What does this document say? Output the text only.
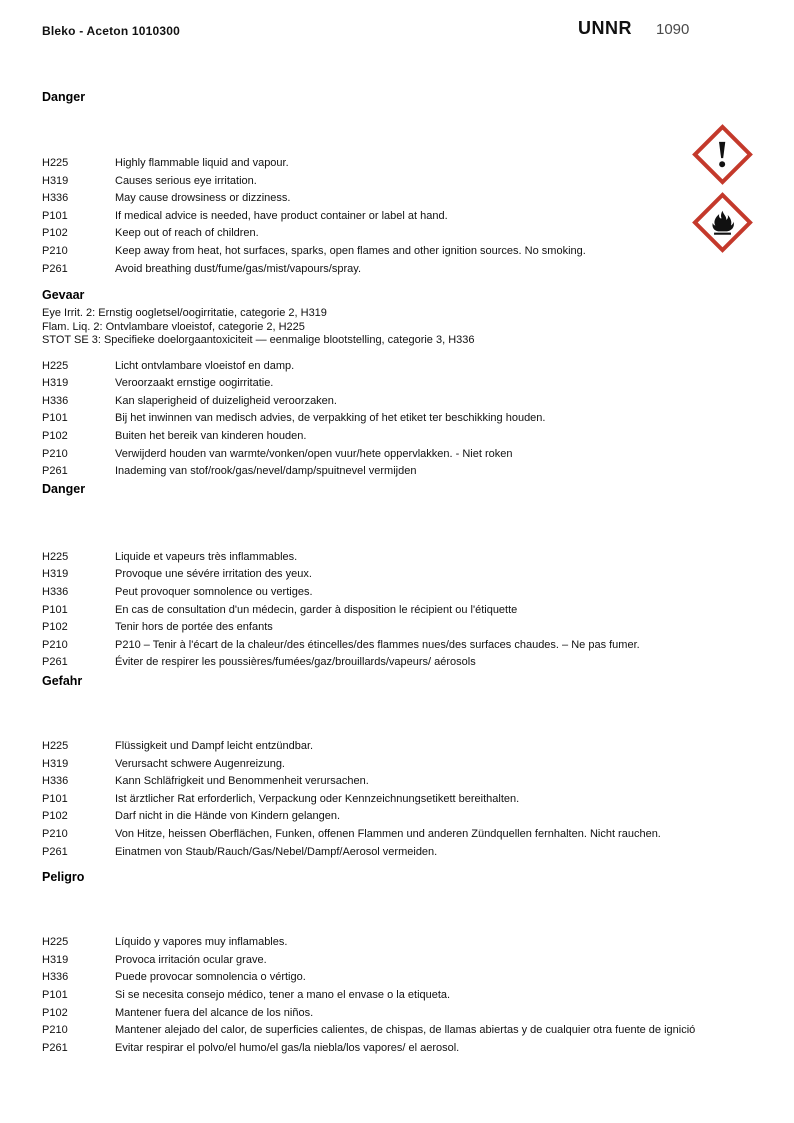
Bleko - Aceton 1010300	UNNR 1090
Danger
H225	Highly flammable liquid and vapour.
H319	Causes serious eye irritation.
H336	May cause drowsiness or dizziness.
P101	If medical advice is needed, have product container or label at hand.
P102	Keep out of reach of children.
P210	Keep away from heat, hot surfaces, sparks, open flames and other ignition sources. No smoking.
P261	Avoid breathing dust/fume/gas/mist/vapours/spray.
Gevaar
Eye Irrit. 2: Ernstig oogletsel/oogirritatie, categorie 2, H319
Flam. Liq. 2: Ontvlambare vloeistof, categorie 2, H225
STOT SE 3: Specifieke doelorgaantoxiciteit — eenmalige blootstelling, categorie 3, H336
H225	Licht ontvlambare vloeistof en damp.
H319	Veroorzaakt ernstige oogirritatie.
H336	Kan slaperigheid of duizeligheid veroorzaken.
P101	Bij het inwinnen van medisch advies, de verpakking of het etiket ter beschikking houden.
P102	Buiten het bereik van kinderen houden.
P210	Verwijderd houden van warmte/vonken/open vuur/hete oppervlakken. - Niet roken
P261	Inademing van stof/rook/gas/nevel/damp/spuitnevel vermijden
Danger
H225	Liquide et vapeurs très inflammables.
H319	Provoque une sévére irritation des yeux.
H336	Peut provoquer somnolence ou vertiges.
P101	En cas de consultation d'un médecin, garder à disposition le récipient ou l'étiquette
P102	Tenir hors de portée des enfants
P210	P210 – Tenir à l'écart de la chaleur/des étincelles/des flammes nues/des surfaces chaudes. – Ne pas fumer.
P261	Éviter de respirer les poussières/fumées/gaz/brouillards/vapeurs/ aérosols
Gefahr
H225	Flüssigkeit und Dampf leicht entzündbar.
H319	Verursacht schwere Augenreizung.
H336	Kann Schläfrigkeit und Benommenheit verursachen.
P101	Ist ärztlicher Rat erforderlich, Verpackung oder Kennzeichnungsetikett bereithalten.
P102	Darf nicht in die Hände von Kindern gelangen.
P210	Von Hitze, heissen Oberflächen, Funken, offenen Flammen und anderen Zündquellen fernhalten. Nicht rauchen.
P261	Einatmen von Staub/Rauch/Gas/Nebel/Dampf/Aerosol vermeiden.
Peligro
H225	Líquido y vapores muy inflamables.
H319	Provoca irritación ocular grave.
H336	Puede provocar somnolencia o vértigo.
P101	Si se necesita consejo médico, tener a mano el envase o la etiqueta.
P102	Mantener fuera del alcance de los niños.
P210	Mantener alejado del calor, de superficies calientes, de chispas, de llamas abiertas y de cualquier otra fuente de ignició
P261	Evitar respirar el polvo/el humo/el gas/la niebla/los vapores/ el aerosol.
